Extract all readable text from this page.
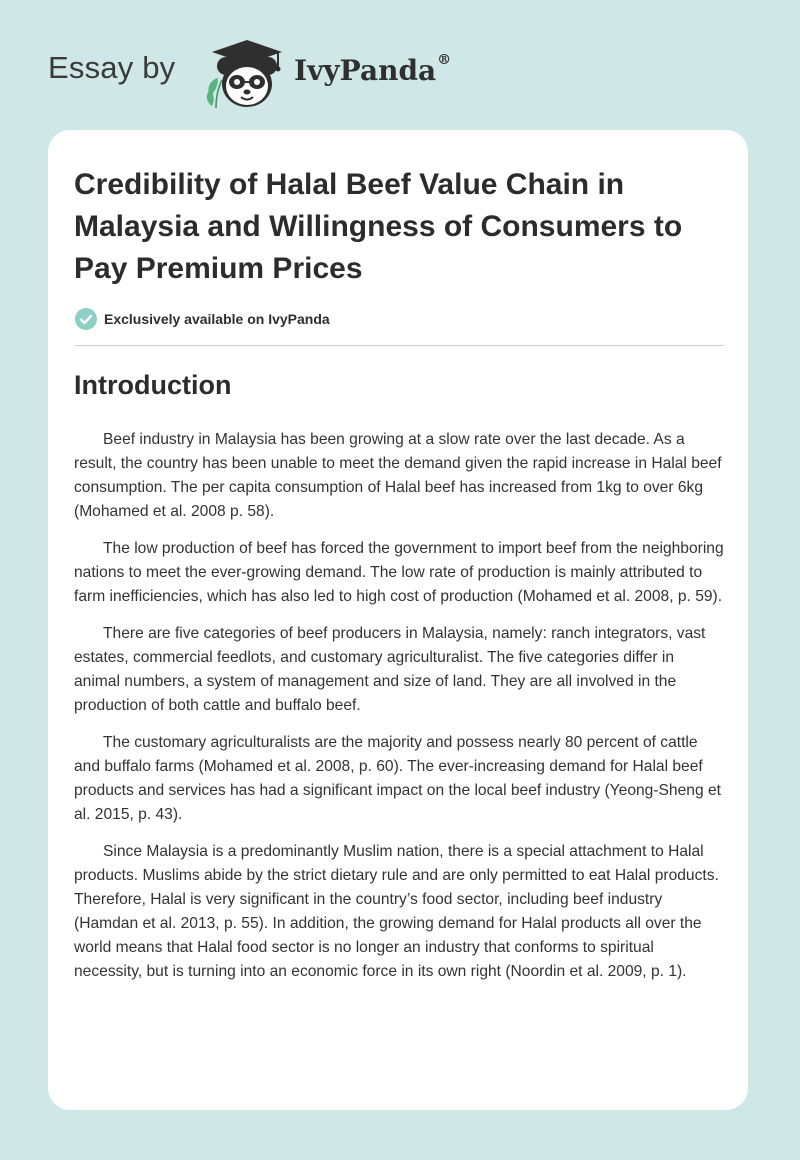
Essay by	IvyPanda®
Credibility of Halal Beef Value Chain in Malaysia and Willingness of Consumers to Pay Premium Prices
Exclusively available on IvyPanda
Introduction

Beef industry in Malaysia has been growing at a slow rate over the last decade. As a result, the country has been unable to meet the demand given the rapid increase in Halal beef consumption. The per capita consumption of Halal beef has increased from 1kg to over 6kg (Mohamed et al. 2008 p. 58).

The low production of beef has forced the government to import beef from the neighboring nations to meet the ever-growing demand. The low rate of production is mainly attributed to farm inefficiencies, which has also led to high cost of production (Mohamed et al. 2008, p. 59).

There are five categories of beef producers in Malaysia, namely: ranch integrators, vast estates, commercial feedlots, and customary agriculturalist. The five categories differ in animal numbers, a system of management and size of land. They are all involved in the production of both cattle and buffalo beef.

The customary agriculturalists are the majority and possess nearly 80 percent of cattle and buffalo farms (Mohamed et al. 2008, p. 60). The ever-increasing demand for Halal beef products and services has had a significant impact on the local beef industry (Yeong-Sheng et al. 2015, p. 43).

Since Malaysia is a predominantly Muslim nation, there is a special attachment to Halal products. Muslims abide by the strict dietary rule and are only permitted to eat Halal products. Therefore, Halal is very significant in the country’s food sector, including beef industry (Hamdan et al. 2013, p. 55). In addition, the growing demand for Halal products all over the world means that Halal food sector is no longer an industry that conforms to spiritual necessity, but is turning into an economic force in its own right (Noordin et al. 2009, p. 1).
